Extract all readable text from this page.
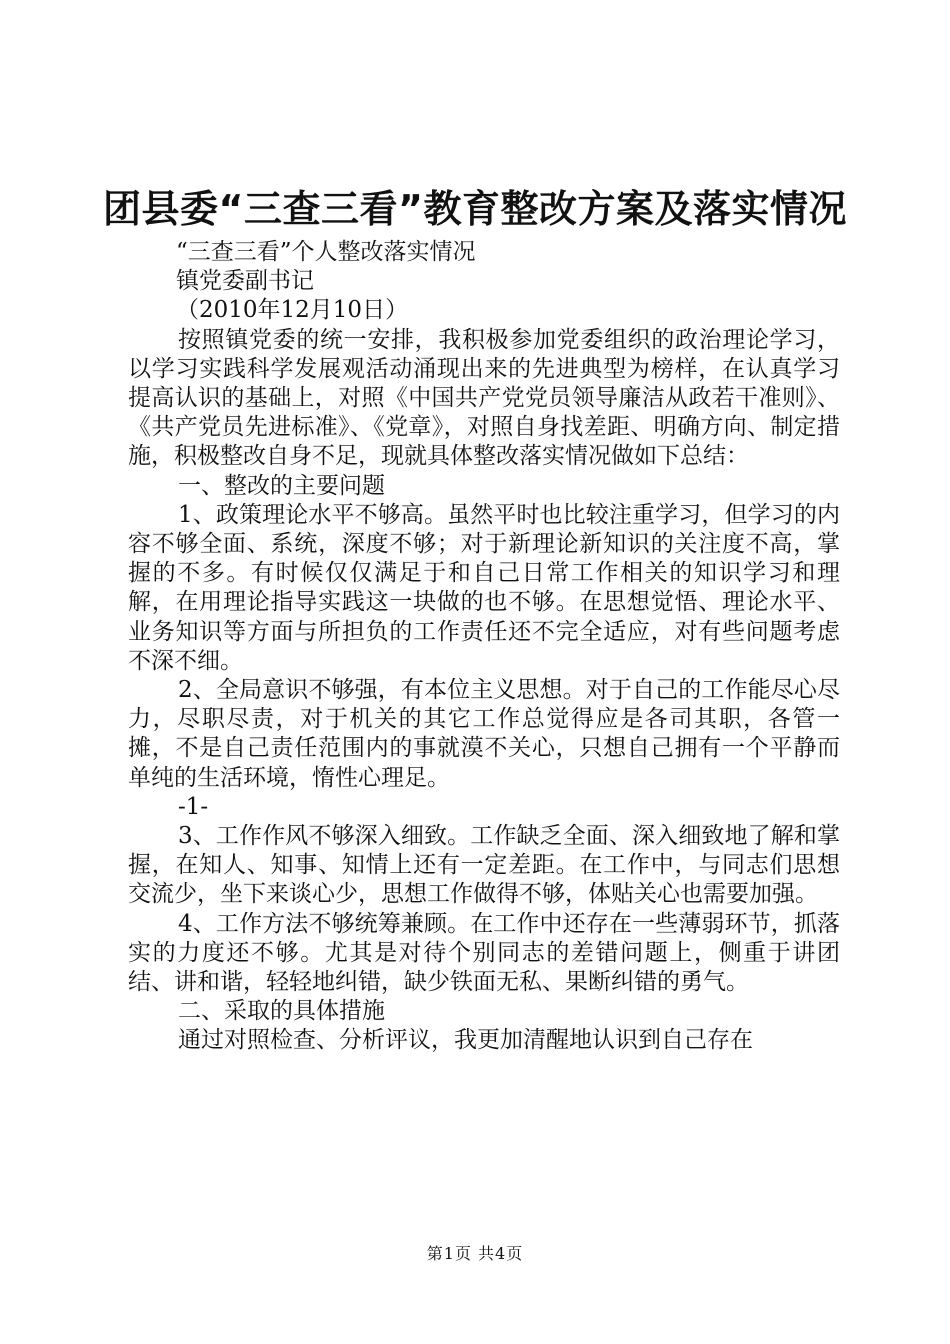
团县委“三查三看”教育整改方案及落实情况

“三查三看”个人整改落实情况

镇党委副书记

（2010年12月10日）

按照镇党委的统一安排，我积极参加党委组织的政治理论学习，以学习实践科学发展观活动涌现出来的先进典型为榜样，在认真学习提高认识的基础上，对照《中国共产党党员领导廉洁从政若干准则》、《共产党员先进标准》、《党章》，对照自身找差距、明确方向、制定措施，积极整改自身不足，现就具体整改落实情况做如下总结：

一、整改的主要问题

1、政策理论水平不够高。虽然平时也比较注重学习，但学习的内容不够全面、系统，深度不够；对于新理论新知识的关注度不高，掌握的不多。有时候仅仅满足于和自己日常工作相关的知识学习和理解，在用理论指导实践这一块做的也不够。在思想觉悟、理论水平、业务知识等方面与所担负的工作责任还不完全适应，对有些问题考虑不深不细。

2、全局意识不够强，有本位主义思想。对于自己的工作能尽心尽力，尽职尽责，对于机关的其它工作总觉得应是各司其职，各管一摊，不是自己责任范围内的事就漠不关心，只想自己拥有一个平静而单纯的生活环境，惰性心理足。

-1-

3、工作作风不够深入细致。工作缺乏全面、深入细致地了解和掌握，在知人、知事、知情上还有一定差距。在工作中，与同志们思想交流少，坐下来谈心少，思想工作做得不够，体贴关心也需要加强。

4、工作方法不够统筹兼顾。在工作中还存在一些薄弱环节，抓落实的力度还不够。尤其是对待个别同志的差错问题上，侧重于讲团结、讲和谐，轻轻地纠错，缺少铁面无私、果断纠错的勇气。

二、采取的具体措施

通过对照检查、分析评议，我更加清醒地认识到自己存在

第1页 共4页
